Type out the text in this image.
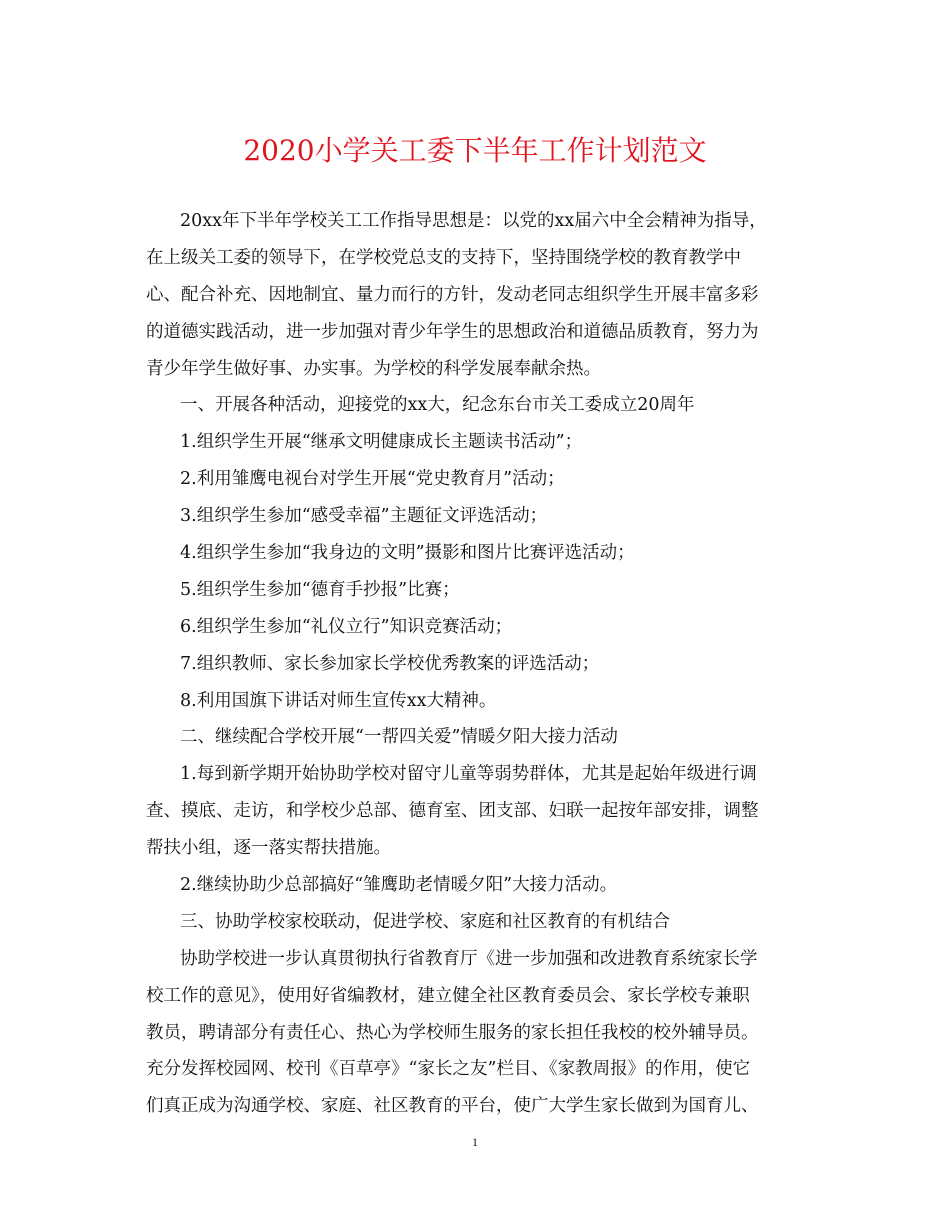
2020小学关工委下半年工作计划范文
20xx年下半年学校关工工作指导思想是：以党的xx届六中全会精神为指导，
在上级关工委的领导下，在学校党总支的支持下，坚持围绕学校的教育教学中
心、配合补充、因地制宜、量力而行的方针，发动老同志组织学生开展丰富多彩
的道德实践活动，进一步加强对青少年学生的思想政治和道德品质教育，努力为
青少年学生做好事、办实事。为学校的科学发展奉献余热。
一、开展各种活动，迎接党的xx大，纪念东台市关工委成立20周年
1.组织学生开展“继承文明健康成长主题读书活动”；
2.利用雏鹰电视台对学生开展“党史教育月”活动；
3.组织学生参加“感受幸福”主题征文评选活动；
4.组织学生参加“我身边的文明”摄影和图片比赛评选活动；
5.组织学生参加“德育手抄报”比赛；
6.组织学生参加“礼仪立行”知识竞赛活动；
7.组织教师、家长参加家长学校优秀教案的评选活动；
8.利用国旗下讲话对师生宣传xx大精神。
二、继续配合学校开展“一帮四关爱”情暖夕阳大接力活动
1.每到新学期开始协助学校对留守儿童等弱势群体，尤其是起始年级进行调
查、摸底、走访，和学校少总部、德育室、团支部、妇联一起按年部安排，调整
帮扶小组，逐一落实帮扶措施。
2.继续协助少总部搞好“雏鹰助老情暖夕阳”大接力活动。
三、协助学校家校联动，促进学校、家庭和社区教育的有机结合
协助学校进一步认真贯彻执行省教育厅《进一步加强和改进教育系统家长学
校工作的意见》，使用好省编教材，建立健全社区教育委员会、家长学校专兼职
教员，聘请部分有责任心、热心为学校师生服务的家长担任我校的校外辅导员。
充分发挥校园网、校刊《百草亭》“家长之友”栏目、《家教周报》的作用，使它
们真正成为沟通学校、家庭、社区教育的平台，使广大学生家长做到为国育儿、
1
